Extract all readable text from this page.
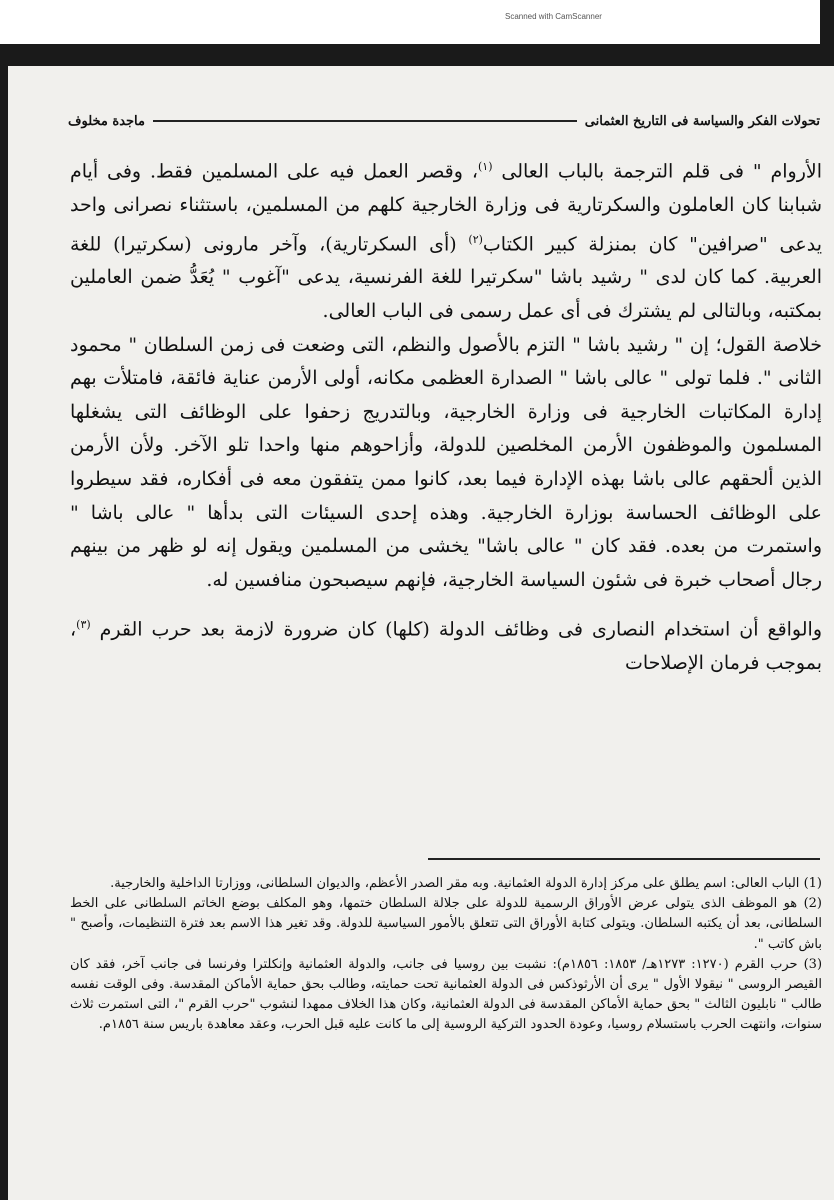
Scanned with CamScanner
تحولات الفكر والسياسة فى التاريخ العثمانى
ماجدة مخلوف

الأروام " فى قلم الترجمة بالباب العالى $^{(١)}$، وقصر العمل فيه على المسلمين فقط. وفى أيام شبابنا كان العاملون والسكرتارية فى وزارة الخارجية كلهم من المسلمين، باستثناء نصرانى واحد يدعى "صرافين" كان بمنزلة كبير الكتاب$^{(٢)}$ (أى السكرتارية)، وآخر مارونى (سكرتيرا) للغة العربية. كما كان لدى " رشيد باشا "سكرتيرا للغة الفرنسية، يدعى "آغوب " يُعَدُّ ضمن العاملين بمكتبه، وبالتالى لم يشترك فى أى عمل رسمى فى الباب العالى.

خلاصة القول؛ إن " رشيد باشا " التزم بالأصول والنظم، التى وضعت فى زمن السلطان " محمود الثانى ". فلما تولى " عالى باشا " الصدارة العظمى مكانه، أولى الأرمن عناية فائقة، فامتلأت بهم إدارة المكاتبات الخارجية فى وزارة الخارجية، وبالتدريج زحفوا على الوظائف التى يشغلها المسلمون والموظفون الأرمن المخلصين للدولة، وأزاحوهم منها واحدا تلو الآخر. ولأن الأرمن الذين ألحقهم عالى باشا بهذه الإدارة فيما بعد، كانوا ممن يتفقون معه فى أفكاره، فقد سيطروا على الوظائف الحساسة بوزارة الخارجية. وهذه إحدى السيئات التى بدأها " عالى باشا " واستمرت من بعده. فقد كان " عالى باشا" يخشى من المسلمين ويقول إنه لو ظهر من بينهم رجال أصحاب خبرة فى شئون السياسة الخارجية، فإنهم سيصبحون منافسين له.

والواقع أن استخدام النصارى فى وظائف الدولة (كلها) كان ضرورة لازمة بعد حرب القرم $^{(٣)}$، بموجب فرمان الإصلاحات

(1) الباب العالى: اسم يطلق على مركز إدارة الدولة العثمانية. وبه مقر الصدر الأعظم، والديوان السلطانى، ووزارتا الداخلية والخارجية.

(2) هو الموظف الذى يتولى عرض الأوراق الرسمية للدولة على جلالة السلطان ختمها، وهو المكلف بوضع الخاتم السلطانى على الخط السلطانى، بعد أن يكتبه السلطان. ويتولى كتابة الأوراق التى تتعلق بالأمور السياسية للدولة. وقد تغير هذا الاسم بعد فترة التنظيمات، وأصبح " باش كاتب ".

(3) حرب القرم (١٢٧٠: ١٢٧٣هـ/ ١٨٥٣: ١٨٥٦م): نشبت بين روسيا فى جانب، والدولة العثمانية وإنكلترا وفرنسا فى جانب آخر، فقد كان القيصر الروسى " نيقولا الأول " يرى أن الأرثوذكس فى الدولة العثمانية تحت حمايته، وطالب بحق حماية الأماكن المقدسة. وفى الوقت نفسه طالب " نابليون الثالث " بحق حماية الأماكن المقدسة فى الدولة العثمانية، وكان هذا الخلاف ممهدا لنشوب "حرب القرم "، التى استمرت ثلاث سنوات، وانتهت الحرب باستسلام روسيا، وعودة الحدود التركية الروسية إلى ما كانت عليه قبل الحرب، وعقد معاهدة باريس سنة ١٨٥٦م.
